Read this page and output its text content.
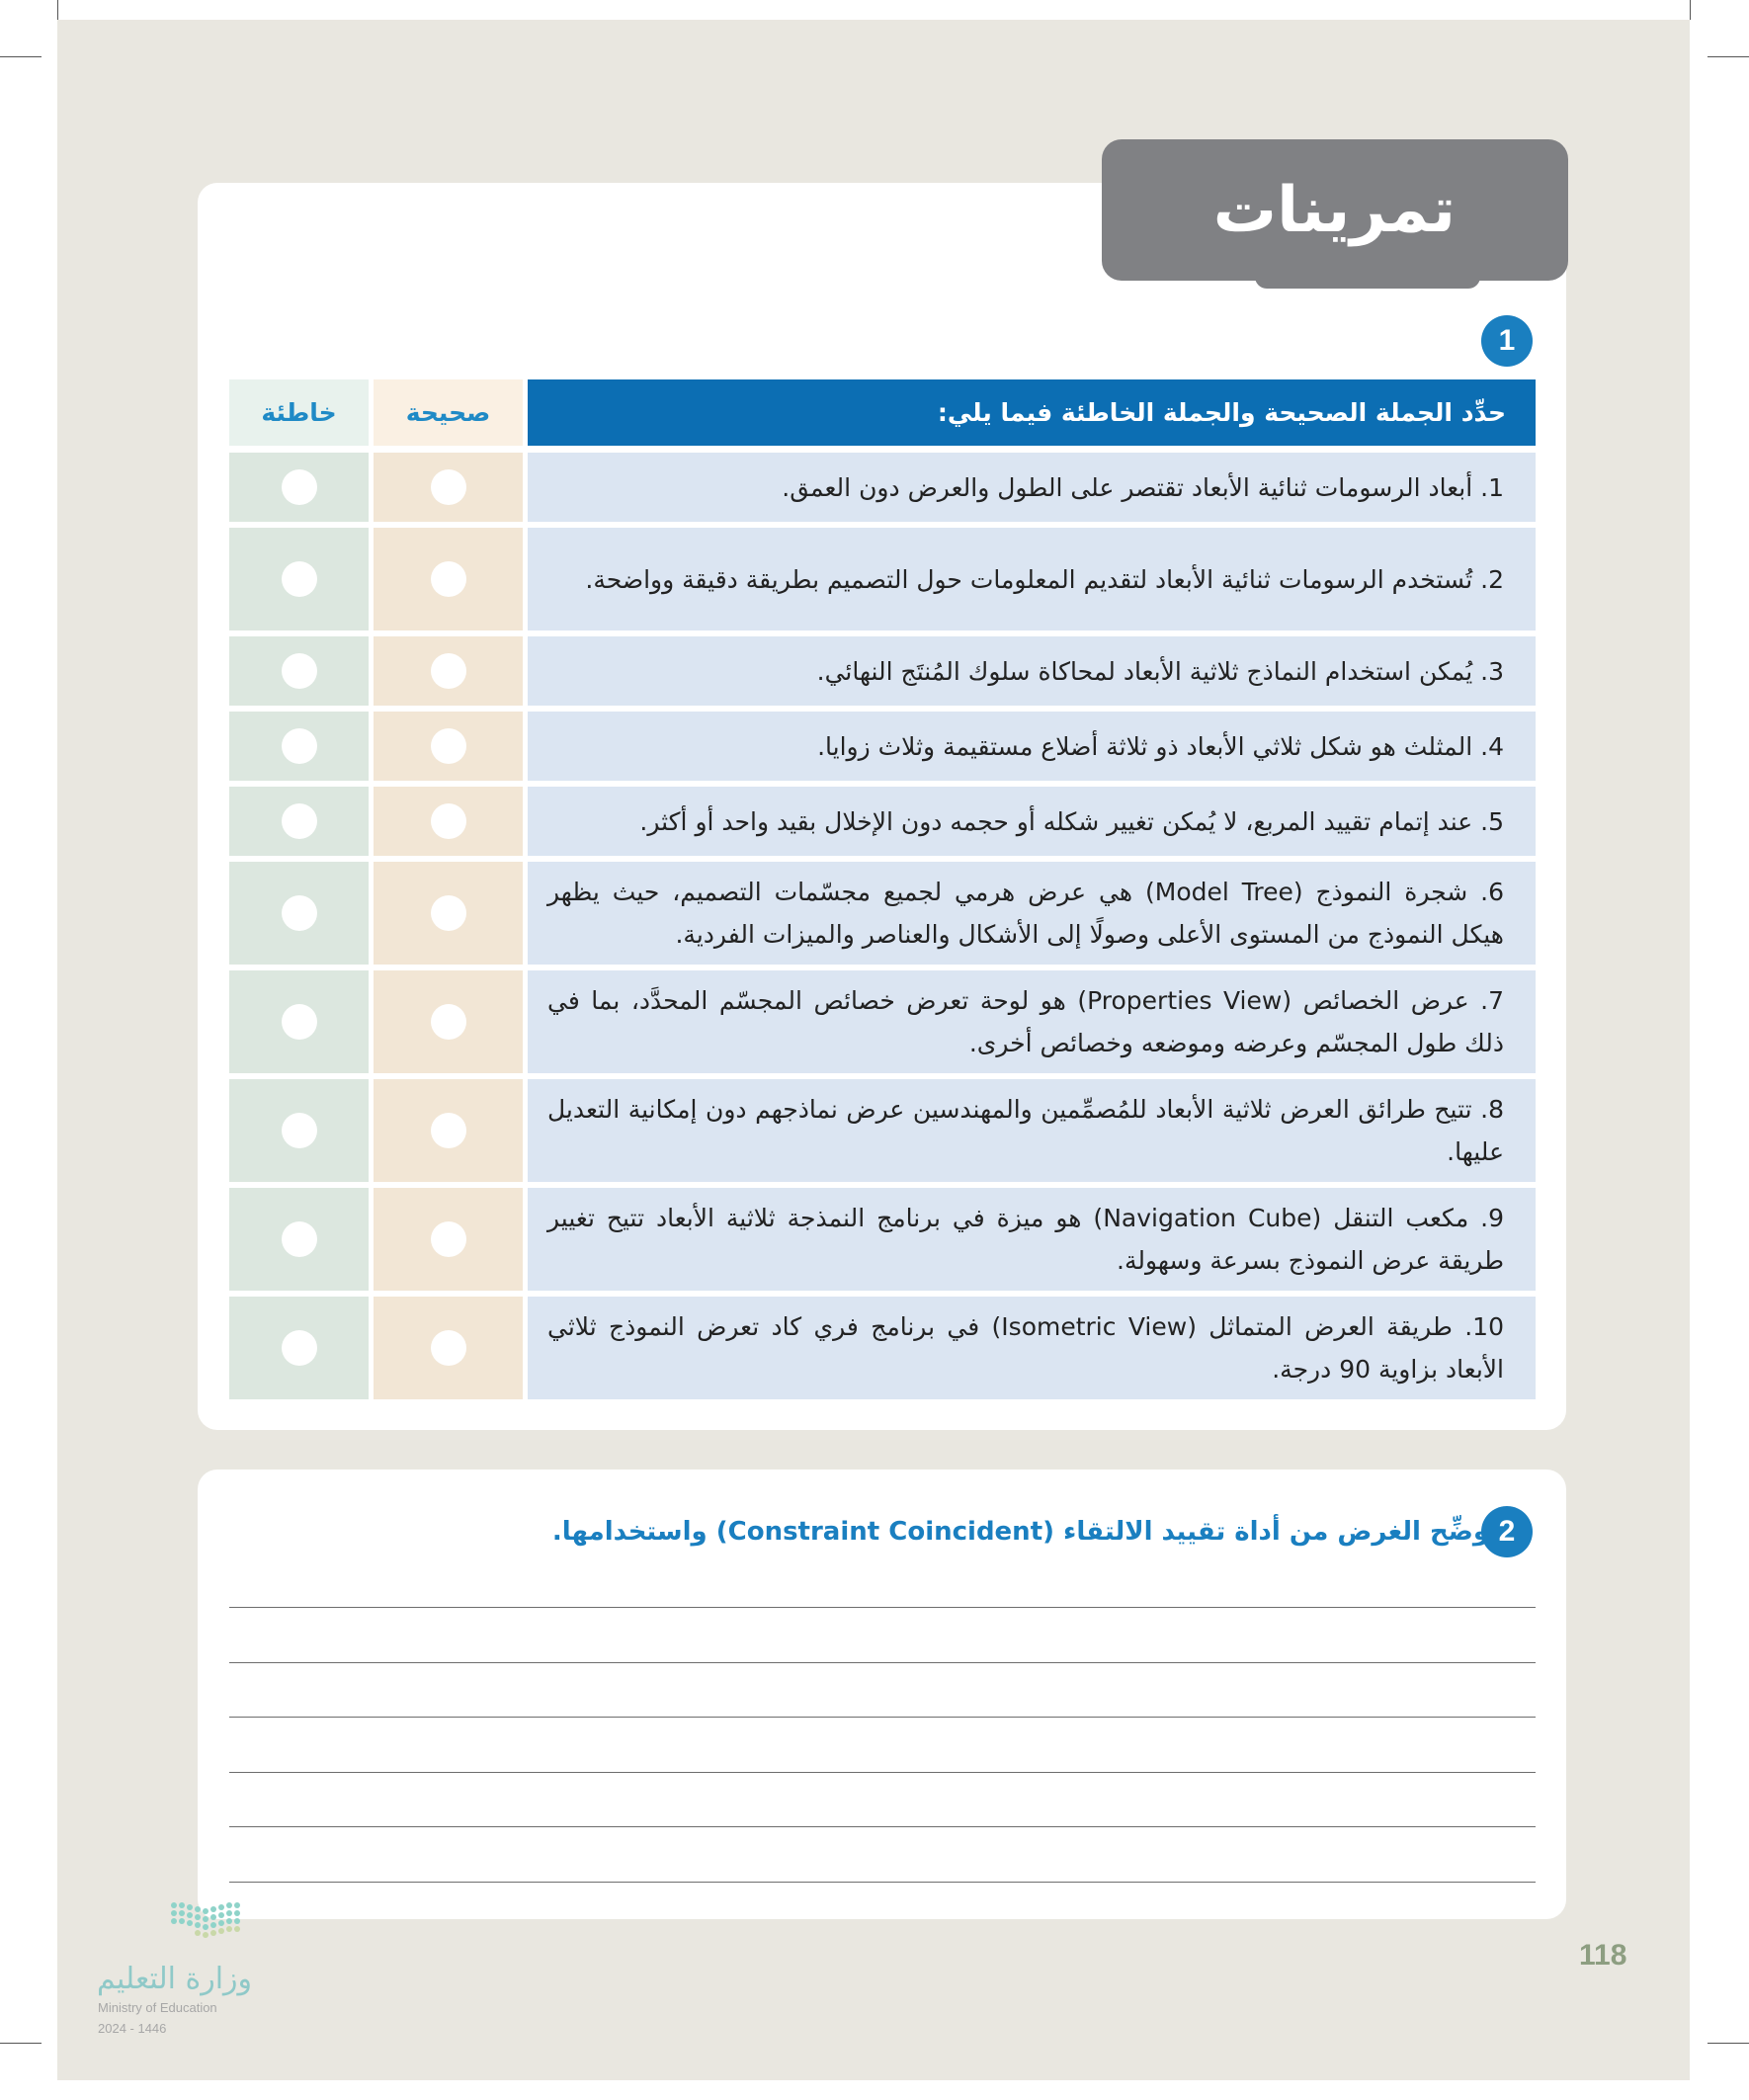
تمرينات
1
حدِّد الجملة الصحيحة والجملة الخاطئة فيما يلي:
صحيحة
خاطئة
1. أبعاد الرسومات ثنائية الأبعاد تقتصر على الطول والعرض دون العمق.
2. تُستخدم الرسومات ثنائية الأبعاد لتقديم المعلومات حول التصميم بطريقة دقيقة وواضحة.
3. يُمكن استخدام النماذج ثلاثية الأبعاد لمحاكاة سلوك المُنتَج النهائي.
4. المثلث هو شكل ثلاثي الأبعاد ذو ثلاثة أضلاع مستقيمة وثلاث زوايا.
5. عند إتمام تقييد المربع، لا يُمكن تغيير شكله أو حجمه دون الإخلال بقيد واحد أو أكثر.
6. شجرة النموذج (Model Tree) هي عرض هرمي لجميع مجسّمات التصميم، حيث يظهر هيكل النموذج من المستوى الأعلى وصولًا إلى الأشكال والعناصر والميزات الفردية.
7. عرض الخصائص (Properties View) هو لوحة تعرض خصائص المجسّم المحدَّد، بما في ذلك طول المجسّم وعرضه وموضعه وخصائص أخرى.
8. تتيح طرائق العرض ثلاثية الأبعاد للمُصمِّمين والمهندسين عرض نماذجهم دون إمكانية التعديل عليها.
9. مكعب التنقل (Navigation Cube) هو ميزة في برنامج النمذجة ثلاثية الأبعاد تتيح تغيير طريقة عرض النموذج بسرعة وسهولة.
10. طريقة العرض المتماثل (Isometric View) في برنامج فري كاد تعرض النموذج ثلاثي الأبعاد بزاوية 90 درجة.
2
وضِّح الغرض من أداة تقييد الالتقاء (Constraint Coincident) واستخدامها.
وزارة التعليم
Ministry of Education
2024 - 1446
118
